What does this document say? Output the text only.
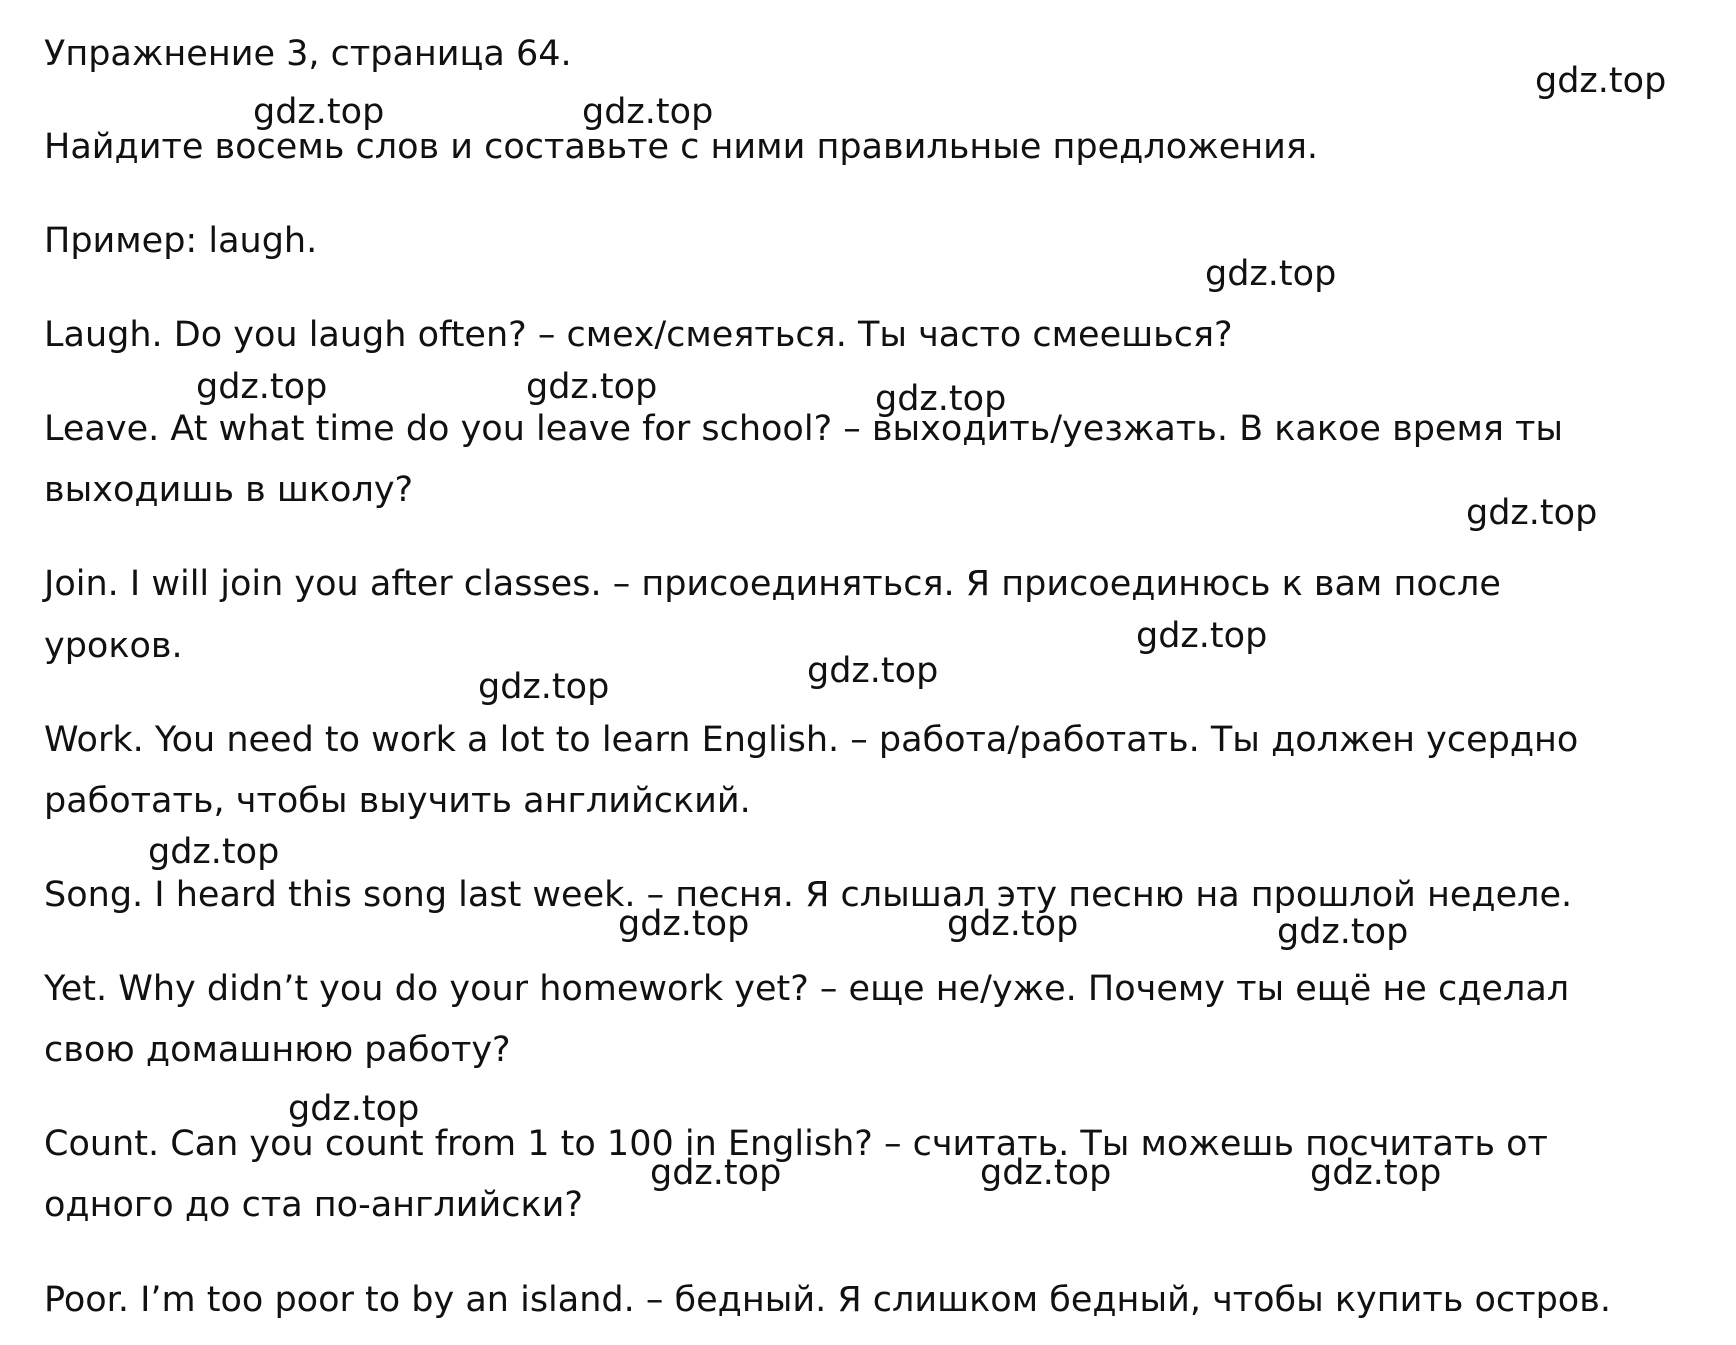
Упражнение 3, страница 64.

Найдите восемь слов и составьте с ними правильные предложения.

Пример: laugh.

Laugh. Do you laugh often? – смех/смеяться. Ты часто смеешься?

Leave. At what time do you leave for school? – выходить/уезжать. В какое время ты

выходишь в школу?

Join. I will join you after classes. – присоединяться. Я присоединюсь к вам после

уроков.

Work. You need to work a lot to learn English. – работа/работать. Ты должен усердно

работать, чтобы выучить английский.

Song. I heard this song last week. – песня. Я слышал эту песню на прошлой неделе.

Yet. Why didn’t you do your homework yet? – еще не/уже. Почему ты ещё не сделал

свою домашнюю работу?

Count. Can you count from 1 to 100 in English? – считать. Ты можешь посчитать от

одного до ста по-английски?

Poor. I’m too poor to by an island. – бедный. Я слишком бедный, чтобы купить остров.

gdz.top
gdz.top	gdz.top
gdz.top
gdz.top	gdz.top	gdz.top
gdz.top
gdz.top
gdz.top
gdz.top
gdz.top
gdz.top	gdz.top	gdz.top
gdz.top
gdz.top	gdz.top	gdz.top
